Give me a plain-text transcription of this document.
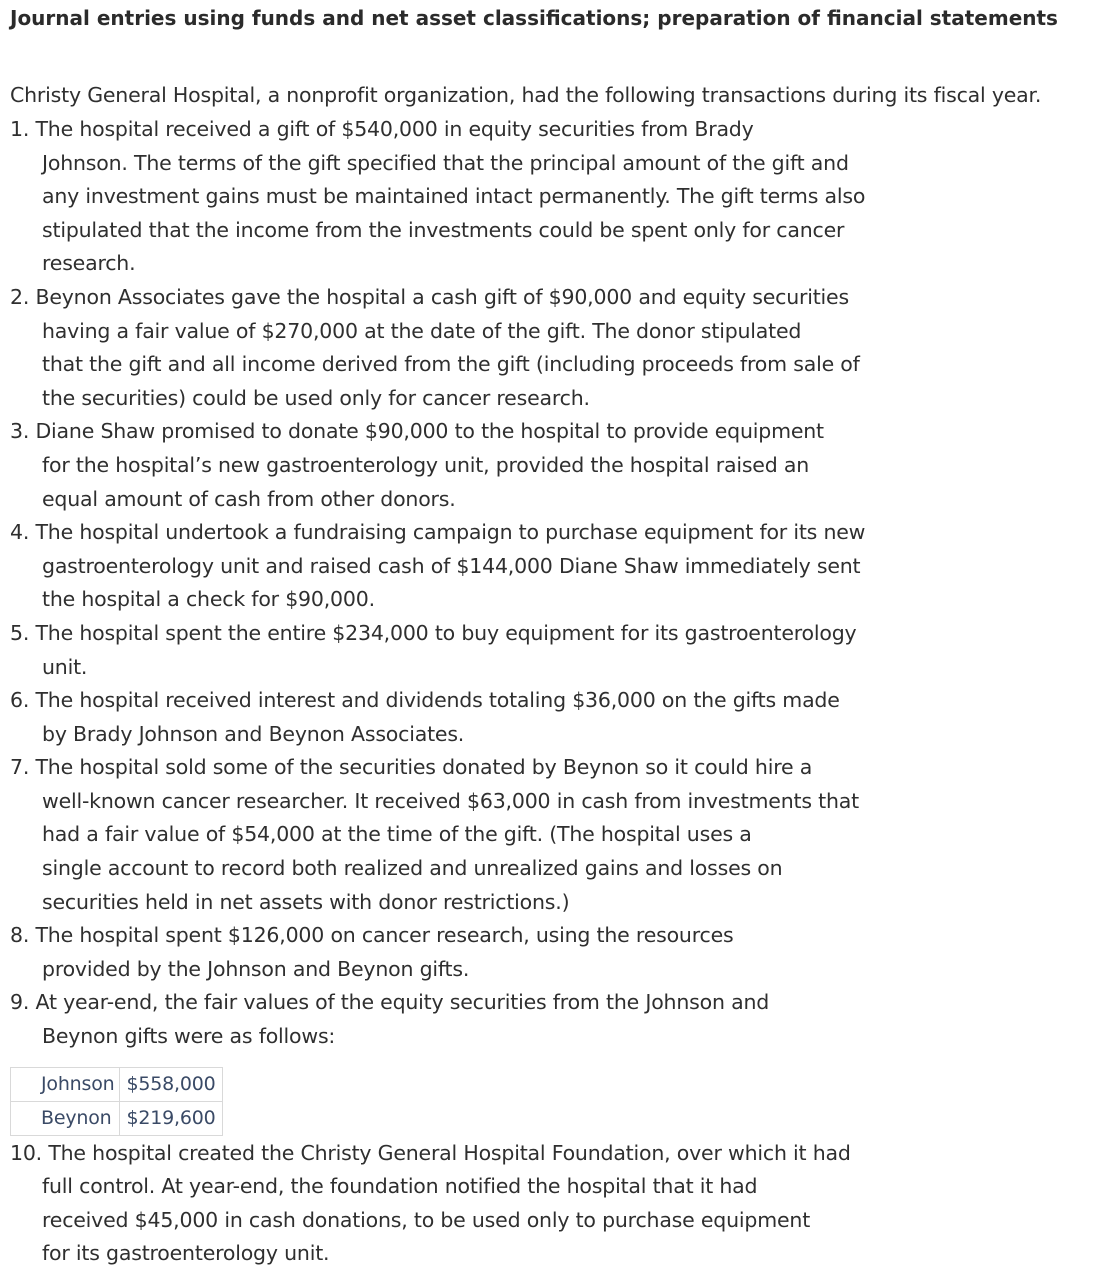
Journal entries using funds and net asset classifications; preparation of financial statements

Christy General Hospital, a nonprofit organization, had the following transactions during its fiscal year.

1. The hospital received a gift of $540,000 in equity securities from Brady
Johnson. The terms of the gift specified that the principal amount of the gift and
any investment gains must be maintained intact permanently. The gift terms also
stipulated that the income from the investments could be spent only for cancer
research.
2. Beynon Associates gave the hospital a cash gift of $90,000 and equity securities
having a fair value of $270,000 at the date of the gift. The donor stipulated
that the gift and all income derived from the gift (including proceeds from sale of
the securities) could be used only for cancer research.
3. Diane Shaw promised to donate $90,000 to the hospital to provide equipment
for the hospital’s new gastroenterology unit, provided the hospital raised an
equal amount of cash from other donors.
4. The hospital undertook a fundraising campaign to purchase equipment for its new
gastroenterology unit and raised cash of $144,000 Diane Shaw immediately sent
the hospital a check for $90,000.
5. The hospital spent the entire $234,000 to buy equipment for its gastroenterology
unit.
6. The hospital received interest and dividends totaling $36,000 on the gifts made
by Brady Johnson and Beynon Associates.
7. The hospital sold some of the securities donated by Beynon so it could hire a
well-known cancer researcher. It received $63,000 in cash from investments that
had a fair value of $54,000 at the time of the gift. (The hospital uses a
single account to record both realized and unrealized gains and losses on
securities held in net assets with donor restrictions.)
8. The hospital spent $126,000 on cancer research, using the resources
provided by the Johnson and Beynon gifts.
9. At year-end, the fair values of the equity securities from the Johnson and
Beynon gifts were as follows:
Johnson	$558,000
Beynon	$219,600
10. The hospital created the Christy General Hospital Foundation, over which it had
full control. At year-end, the foundation notified the hospital that it had
received $45,000 in cash donations, to be used only to purchase equipment
for its gastroenterology unit.
